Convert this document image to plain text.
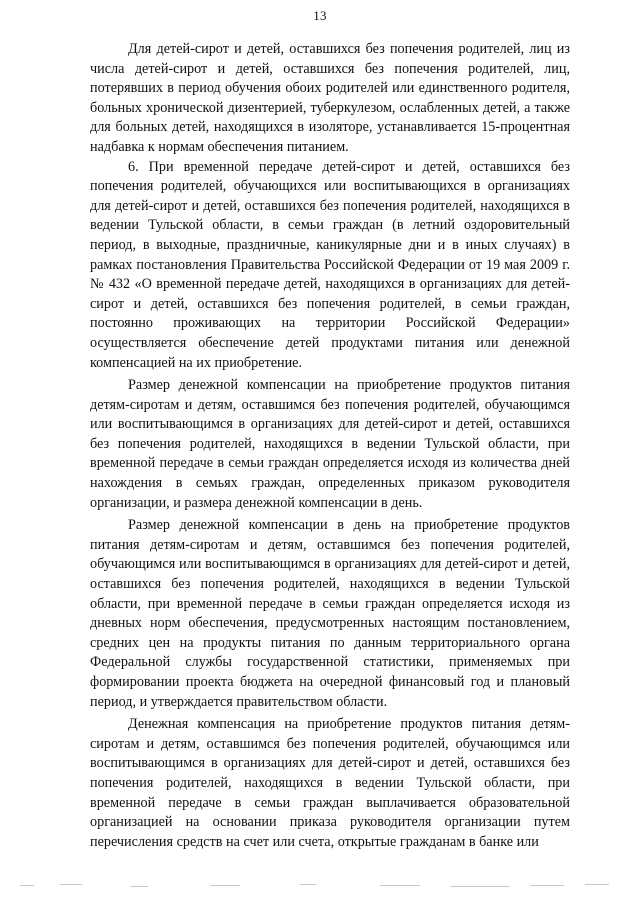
13

Для детей-сирот и детей, оставшихся без попечения родителей, лиц из числа детей-сирот и детей, оставшихся без попечения родителей, лиц, потерявших в период обучения обоих родителей или единственного родителя, больных хронической дизентерией, туберкулезом, ослабленных детей, а также для больных детей, находящихся в изоляторе, устанавливается 15-процентная надбавка к нормам обеспечения питанием.

6. При временной передаче детей-сирот и детей, оставшихся без попечения родителей, обучающихся или воспитывающихся в организациях для детей-сирот и детей, оставшихся без попечения родителей, находящихся в ведении Тульской области, в семьи граждан (в летний оздоровительный период, в выходные, праздничные, каникулярные дни и в иных случаях) в рамках постановления Правительства Российской Федерации от 19 мая 2009 г. № 432 «О временной передаче детей, находящихся в организациях для детей-сирот и детей, оставшихся без попечения родителей, в семьи граждан, постоянно проживающих на территории Российской Федерации» осуществляется обеспечение детей продуктами питания или денежной компенсацией на их приобретение.

Размер денежной компенсации на приобретение продуктов питания детям-сиротам и детям, оставшимся без попечения родителей, обучающимся или воспитывающимся в организациях для детей-сирот и детей, оставшихся без попечения родителей, находящихся в ведении Тульской области, при временной передаче в семьи граждан определяется исходя из количества дней нахождения в семьях граждан, определенных приказом руководителя организации, и размера денежной компенсации в день.

Размер денежной компенсации в день на приобретение продуктов питания детям-сиротам и детям, оставшимся без попечения родителей, обучающимся или воспитывающимся в организациях для детей-сирот и детей, оставшихся без попечения родителей, находящихся в ведении Тульской области, при временной передаче в семьи граждан определяется исходя из дневных норм обеспечения, предусмотренных настоящим постановлением, средних цен на продукты питания по данным территориального органа Федеральной службы государственной статистики, применяемых при формировании проекта бюджета на очередной финансовый год и плановый период, и утверждается правительством области.

Денежная компенсация на приобретение продуктов питания детям-сиротам и детям, оставшимся без попечения родителей, обучающимся или воспитывающимся в организациях для детей-сирот и детей, оставшихся без попечения родителей, находящихся в ведении Тульской области, при временной передаче в семьи граждан выплачивается образовательной организацией на основании приказа руководителя организации путем перечисления средств на счет или счета, открытые гражданам в банке или
